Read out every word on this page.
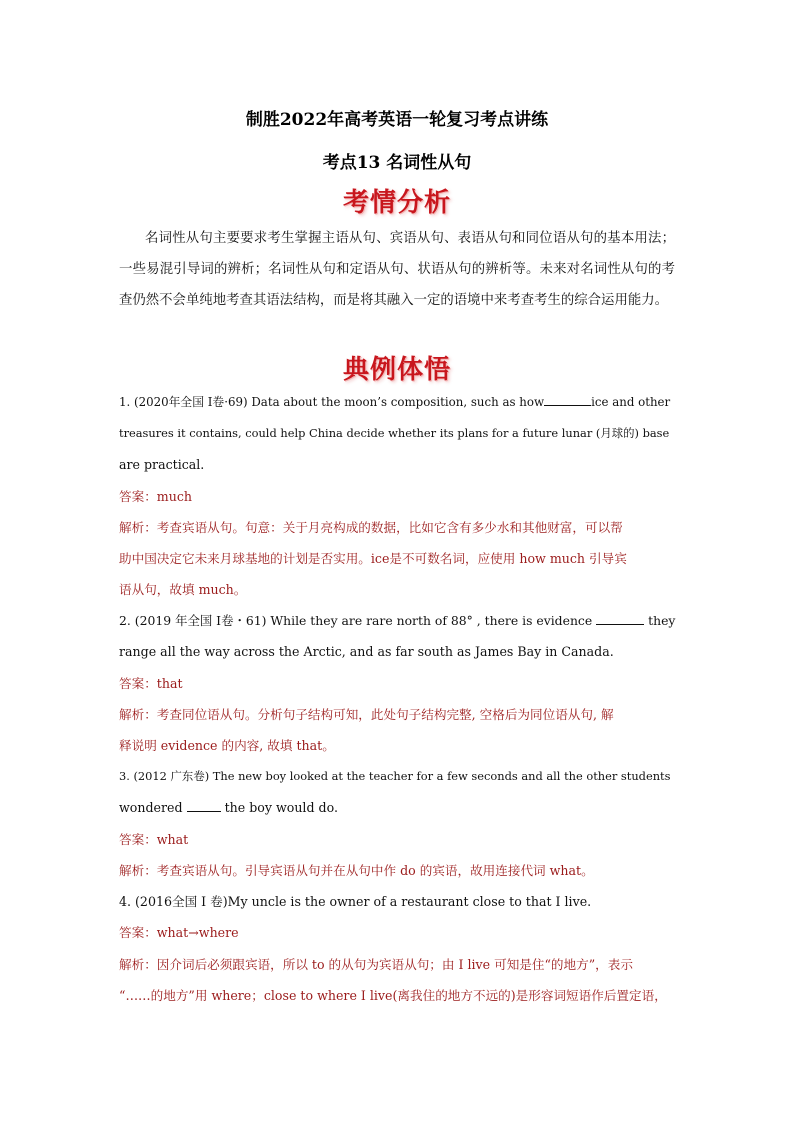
制胜2022年高考英语一轮复习考点讲练
考点13 名词性从句
考情分析
名词性从句主要要求考生掌握主语从句、宾语从句、表语从句和同位语从句的基本用法；一些易混引导词的辨析；名词性从句和定语从句、状语从句的辨析等。未来对名词性从句的考查仍然不会单纯地考查其语法结构，而是将其融入一定的语境中来考查考生的综合运用能力。
典例体悟
1. (2020年全国 I卷·69) Data about the moon’s composition, such as how	ice and other
treasures it contains, could help China decide whether its plans for a future lunar (月球的) base
are practical.
答案：much
解析：考查宾语从句。句意：关于月亮构成的数据，比如它含有多少水和其他财富，可以帮
助中国决定它未来月球基地的计划是否实用。ice是不可数名词，应使用 how much 引导宾
语从句，故填 much。
2. (2019 年全国 Ⅰ卷・61) While they are rare north of 88° , there is evidence	they
range all the way across the Arctic, and as far south as James Bay in Canada.
答案：that
解析：考查同位语从句。分析句子结构可知，此处句子结构完整, 空格后为同位语从句, 解
释说明 evidence 的内容, 故填 that。
3. (2012 广东卷) The new boy looked at the teacher for a few seconds and all the other students
wondered	the boy would do.
答案：what
解析：考查宾语从句。引导宾语从句并在从句中作 do 的宾语，故用连接代词 what。
4. (2016全国 I 卷)My uncle is the owner of a restaurant close to that I live.
答案：what→where
解析：因介词后必须跟宾语，所以 to 的从句为宾语从句；由 I live 可知是住“的地方”，表示
“……的地方”用 where；close to where I live(离我住的地方不远的)是形容词短语作后置定语，
